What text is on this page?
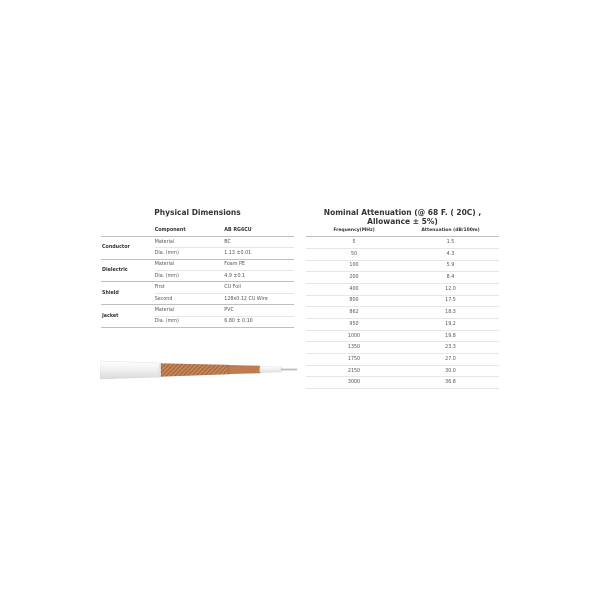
Physical Dimensions
	Component	AB RG6CU
Conductor	Material	BC
	Dia. (mm)	1.13 ±0.01
Dielectric	Material	Foam PE
	Dia. (mm)	4.9 ±0.1
Shield	First	CU Foil
	Second	128x0.12 CU Wire
Jacket	Material	PVC
	Dia. (mm)	6.80 ± 0.10
Nominal Attenuation (@ 68 F. ( 20C) , Allowance ± 5%)
Frequency(MHz)	Attenuation (dB/100m)
5	1.5
50	4.3
100	5.9
200	8.4
400	12.0
800	17.5
862	18.3
950	19.2
1000	19.8
1350	23.3
1750	27.0
2150	30.0
3000	36.8
